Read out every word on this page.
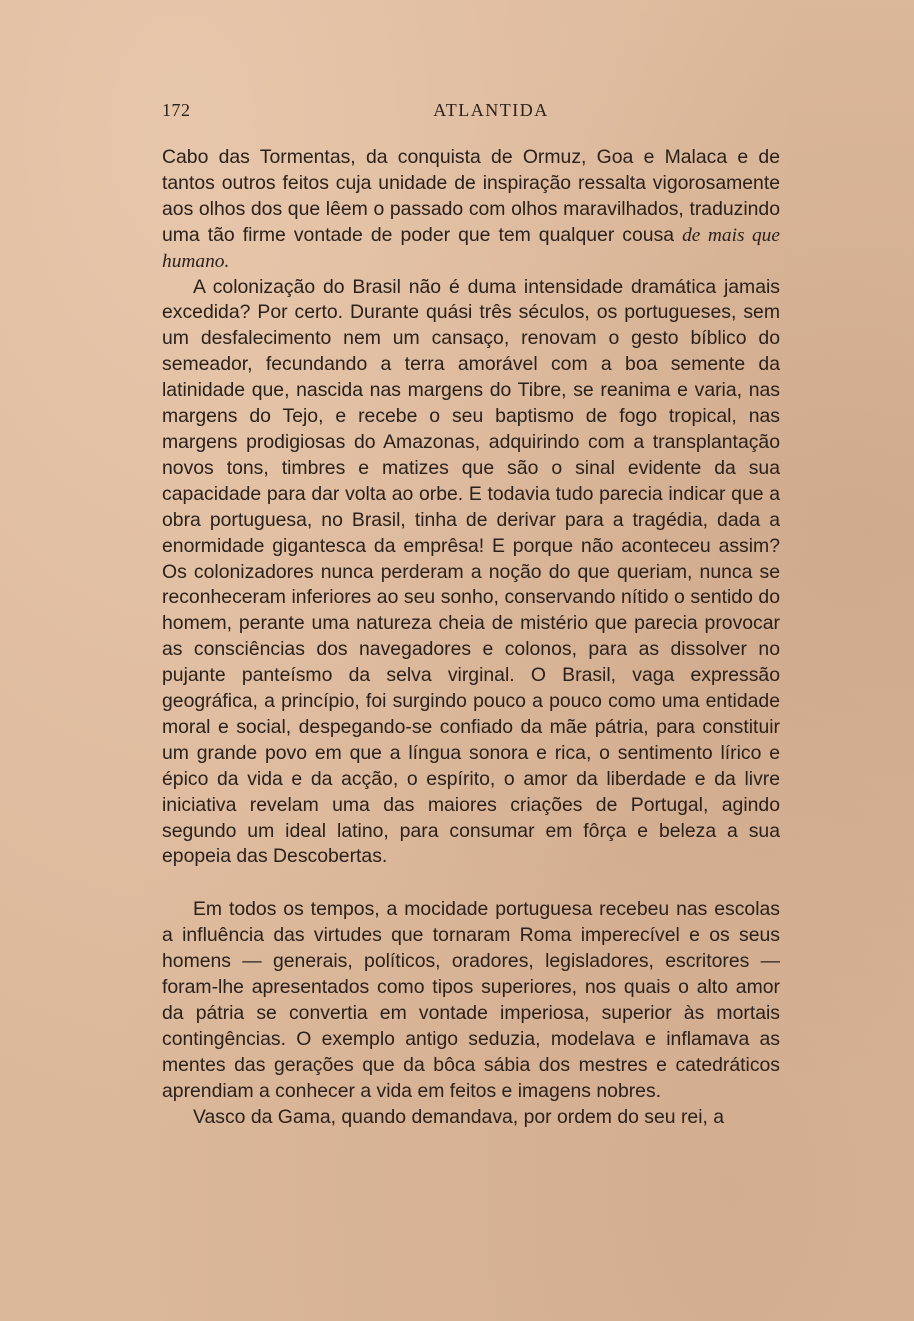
172	ATLANTIDA

Cabo das Tormentas, da conquista de Ormuz, Goa e Malaca e de tantos outros feitos cuja unidade de inspiração ressalta vigorosamente aos olhos dos que lêem o passado com olhos maravilhados, traduzindo uma tão firme vontade de poder que tem qualquer cousa de mais que humano.

A colonização do Brasil não é duma intensidade dramática jamais excedida? Por certo. Durante quási três séculos, os portugueses, sem um desfalecimento nem um cansaço, renovam o gesto bíblico do semeador, fecundando a terra amorável com a boa semente da latinidade que, nascida nas margens do Tibre, se reanima e varia, nas margens do Tejo, e recebe o seu baptismo de fogo tropical, nas margens prodigiosas do Amazonas, adquirindo com a transplantação novos tons, timbres e matizes que são o sinal evidente da sua capacidade para dar volta ao orbe. E todavia tudo parecia indicar que a obra portuguesa, no Brasil, tinha de derivar para a tragédia, dada a enormidade gigantesca da emprêsa! E porque não aconteceu assim? Os colonizadores nunca perderam a noção do que queriam, nunca se reconheceram inferiores ao seu sonho, conservando nítido o sentido do homem, perante uma natureza cheia de mistério que parecia provocar as consciências dos navegadores e colonos, para as dissolver no pujante panteísmo da selva virginal. O Brasil, vaga expressão geográfica, a princípio, foi surgindo pouco a pouco como uma entidade moral e social, despegando-se confiado da mãe pátria, para constituir um grande povo em que a língua sonora e rica, o sentimento lírico e épico da vida e da acção, o espírito, o amor da liberdade e da livre iniciativa revelam uma das maiores criações de Portugal, agindo segundo um ideal latino, para consumar em fôrça e beleza a sua epopeia das Descobertas.

Em todos os tempos, a mocidade portuguesa recebeu nas escolas a influência das virtudes que tornaram Roma imperecível e os seus homens — generais, políticos, oradores, legisladores, escritores — foram-lhe apresentados como tipos superiores, nos quais o alto amor da pátria se convertia em vontade imperiosa, superior às mortais contingências. O exemplo antigo seduzia, modelava e inflamava as mentes das gerações que da bôca sábia dos mestres e catedráticos aprendiam a conhecer a vida em feitos e imagens nobres.

Vasco da Gama, quando demandava, por ordem do seu rei, a
